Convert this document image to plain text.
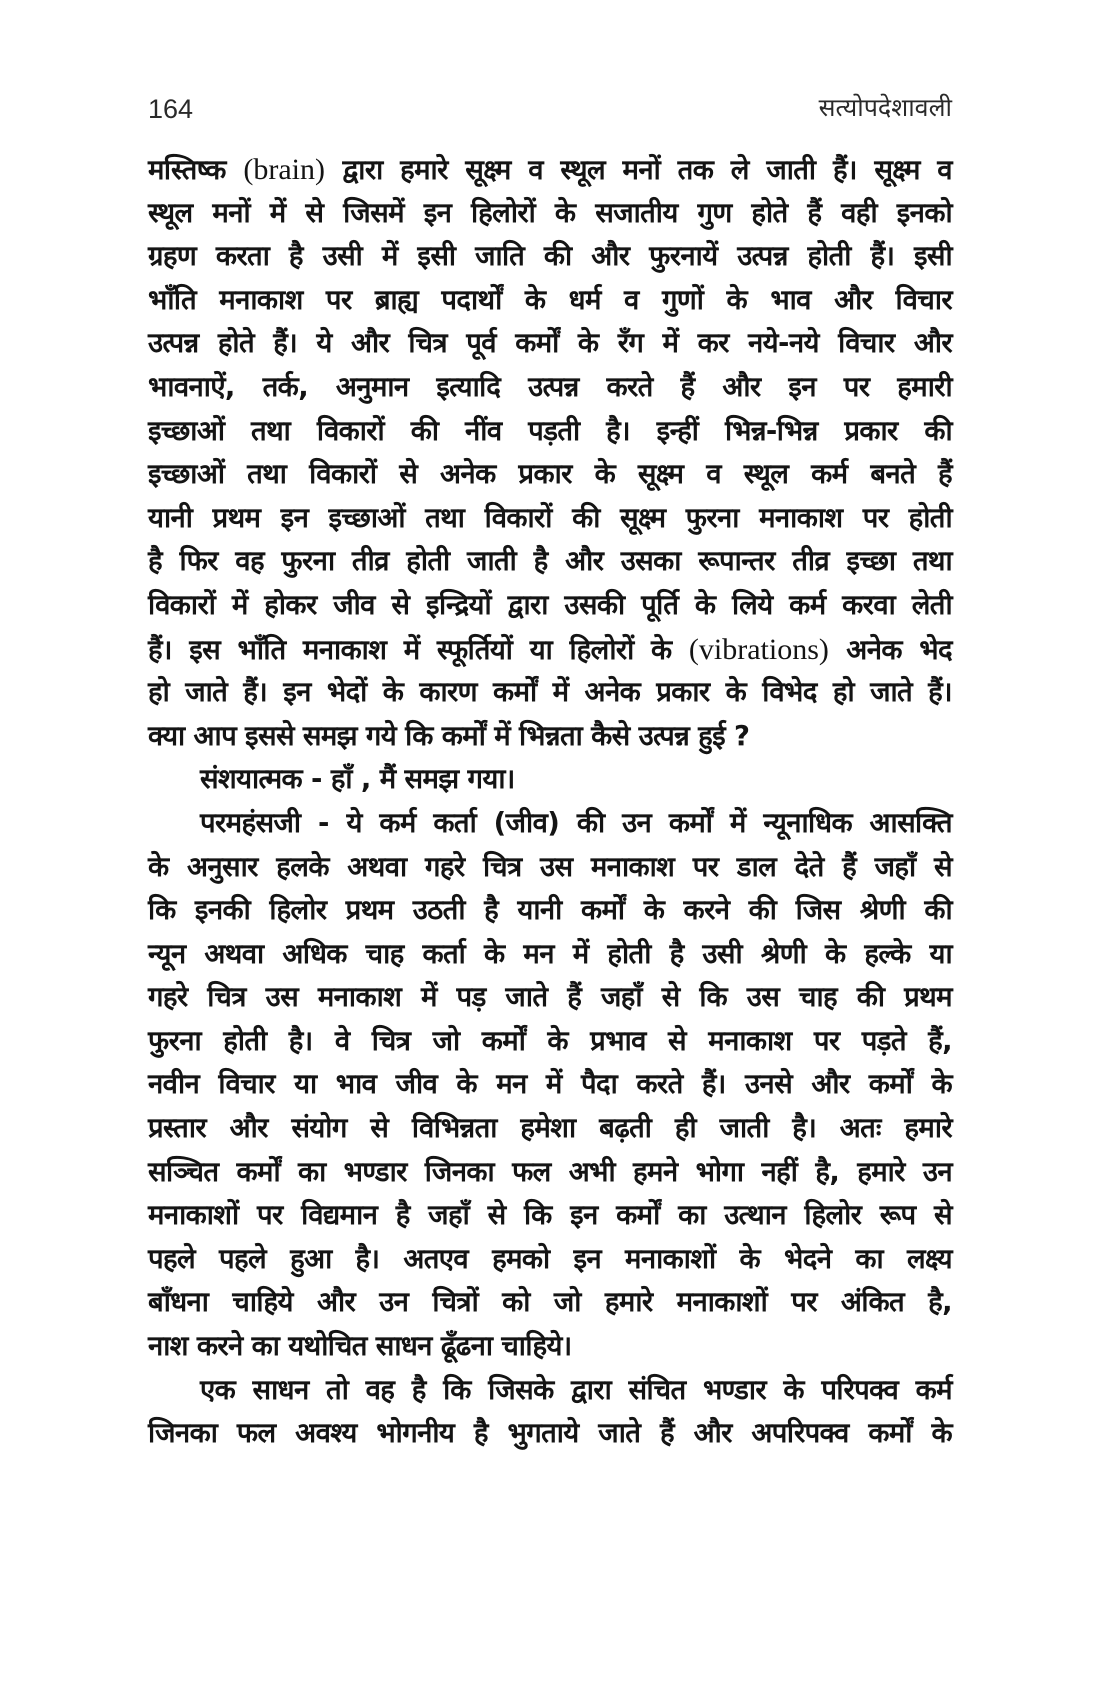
164	सत्योपदेशावली
मस्तिष्क (brain) द्वारा हमारे सूक्ष्म व स्थूल मनों तक ले जाती हैं। सूक्ष्म व
स्थूल मनों में से जिसमें इन हिलोरों के सजातीय गुण होते हैं वही इनको
ग्रहण करता है उसी में इसी जाति की और फुरनायें उत्पन्न होती हैं। इसी
भाँति मनाकाश पर ब्राह्य पदार्थों के धर्म व गुणों के भाव और विचार
उत्पन्न होते हैं। ये और चित्र पूर्व कर्मों के रँग में कर नये-नये विचार और
भावनाऐं, तर्क, अनुमान इत्यादि उत्पन्न करते हैं और इन पर हमारी
इच्छाओं तथा विकारों की नींव पड़ती है। इन्हीं भिन्न-भिन्न प्रकार की
इच्छाओं तथा विकारों से अनेक प्रकार के सूक्ष्म व स्थूल कर्म बनते हैं
यानी प्रथम इन इच्छाओं तथा विकारों की सूक्ष्म फुरना मनाकाश पर होती
है फिर वह फुरना तीव्र होती जाती है और उसका रूपान्तर तीव्र इच्छा तथा
विकारों में होकर जीव से इन्द्रियों द्वारा उसकी पूर्ति के लिये कर्म करवा लेती
हैं। इस भाँति मनाकाश में स्फूर्तियों या हिलोरों के (vibrations) अनेक भेद
हो जाते हैं। इन भेदों के कारण कर्मों में अनेक प्रकार के विभेद हो जाते हैं।
क्या आप इससे समझ गये कि कर्मों में भिन्नता कैसे उत्पन्न हुई ?
संशयात्मक - हाँ , मैं समझ गया।
परमहंसजी - ये कर्म कर्ता (जीव) की उन कर्मों में न्यूनाधिक आसक्ति
के अनुसार हलके अथवा गहरे चित्र उस मनाकाश पर डाल देते हैं जहाँ से
कि इनकी हिलोर प्रथम उठती है यानी कर्मों के करने की जिस श्रेणी की
न्यून अथवा अधिक चाह कर्ता के मन में होती है उसी श्रेणी के हल्के या
गहरे चित्र उस मनाकाश में पड़ जाते हैं जहाँ से कि उस चाह की प्रथम
फुरना होती है। वे चित्र जो कर्मों के प्रभाव से मनाकाश पर पड़ते हैं,
नवीन विचार या भाव जीव के मन में पैदा करते हैं। उनसे और कर्मों के
प्रस्तार और संयोग से विभिन्नता हमेशा बढ़ती ही जाती है। अतः हमारे
सञ्चित कर्मों का भण्डार जिनका फल अभी हमने भोगा नहीं है, हमारे उन
मनाकाशों पर विद्यमान है जहाँ से कि इन कर्मों का उत्थान हिलोर रूप से
पहले पहले हुआ है। अतएव हमको इन मनाकाशों के भेदने का लक्ष्य
बाँधना चाहिये और उन चित्रों को जो हमारे मनाकाशों पर अंकित है,
नाश करने का यथोचित साधन ढूँढना चाहिये।
एक साधन तो वह है कि जिसके द्वारा संचित भण्डार के परिपक्व कर्म
जिनका फल अवश्य भोगनीय है भुगताये जाते हैं और अपरिपक्व कर्मों के
